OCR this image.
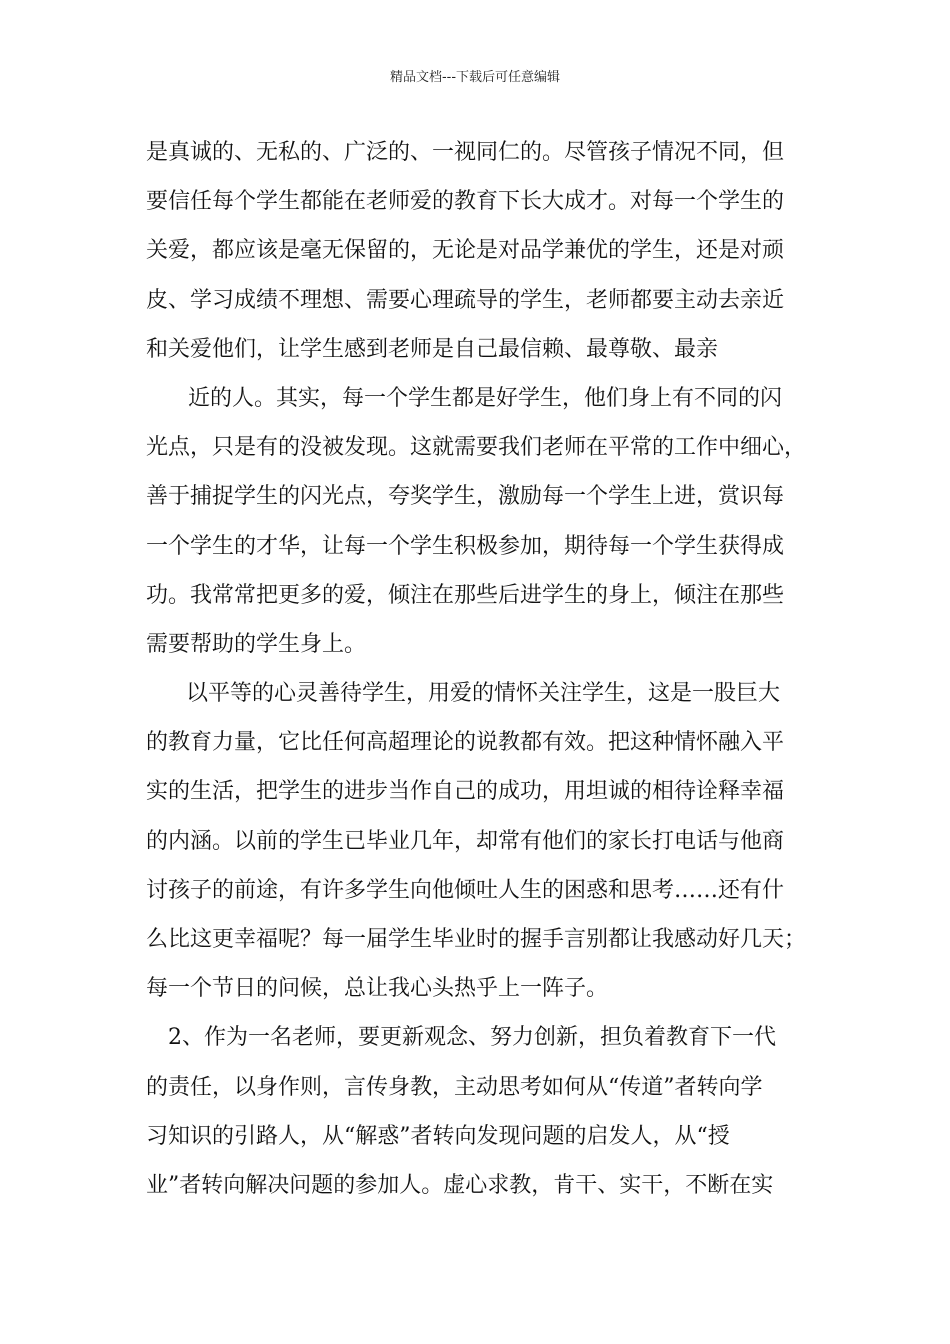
精品文档---下载后可任意编辑
是真诚的、无私的、广泛的、一视同仁的。尽管孩子情况不同，但
要信任每个学生都能在老师爱的教育下长大成才。对每一个学生的
关爱，都应该是毫无保留的，无论是对品学兼优的学生，还是对顽
皮、学习成绩不理想、需要心理疏导的学生，老师都要主动去亲近
和关爱他们，让学生感到老师是自己最信赖、最尊敬、最亲
近的人。其实，每一个学生都是好学生，他们身上有不同的闪
光点，只是有的没被发现。这就需要我们老师在平常的工作中细心，
善于捕捉学生的闪光点，夸奖学生，激励每一个学生上进，赏识每
一个学生的才华，让每一个学生积极参加，期待每一个学生获得成
功。我常常把更多的爱，倾注在那些后进学生的身上，倾注在那些
需要帮助的学生身上。
以平等的心灵善待学生，用爱的情怀关注学生，这是一股巨大
的教育力量，它比任何高超理论的说教都有效。把这种情怀融入平
实的生活，把学生的进步当作自己的成功，用坦诚的相待诠释幸福
的内涵。以前的学生已毕业几年，却常有他们的家长打电话与他商
讨孩子的前途，有许多学生向他倾吐人生的困惑和思考……还有什
么比这更幸福呢？每一届学生毕业时的握手言别都让我感动好几天；
每一个节日的问候，总让我心头热乎上一阵子。
2、作为一名老师，要更新观念、努力创新，担负着教育下一代
的责任，以身作则，言传身教，主动思考如何从“传道”者转向学
习知识的引路人，从“解惑”者转向发现问题的启发人，从“授
业”者转向解决问题的参加人。虚心求教，肯干、实干，不断在实
